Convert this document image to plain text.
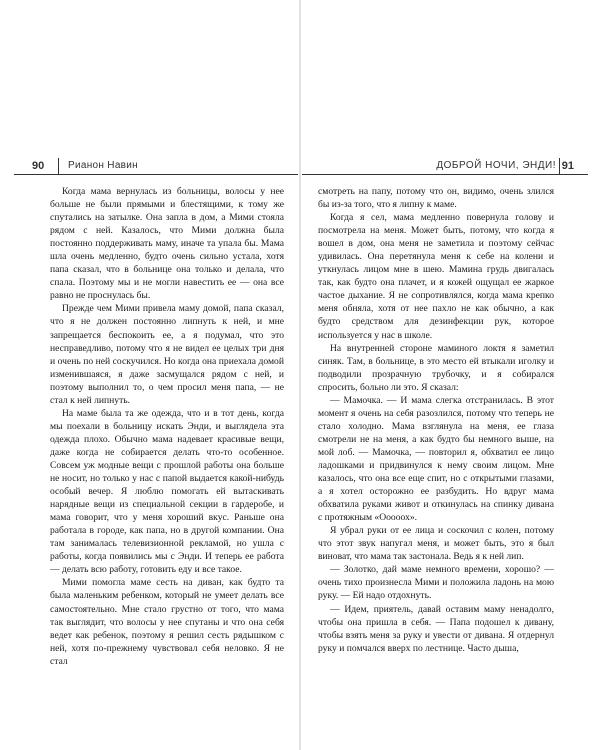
90 Рианон Навин	ДОБРОЙ НОЧИ, ЭНДИ! 91

Когда мама вернулась из больницы, волосы у нее больше не были прямыми и блестящими, к тому же спутались на затылке. Она запла в дом, а Мими стояла рядом с ней. Казалось, что Мими должна была постоянно поддерживать маму, иначе та упала бы. Мама шла очень медленно, будто очень сильно устала, хотя папа сказал, что в больнице она только и делала, что спала. Поэтому мы и не могли навестить ее — она все равно не проснулась бы.

Прежде чем Мими привела маму домой, папа сказал, что я не должен постоянно липнуть к ней, и мне запрещается беспокоить ее, а я подумал, что это несправедливо, потому что я не видел ее целых три дня и очень по ней соскучился. Но когда она приехала домой изменившаяся, я даже засмущался рядом с ней, и поэтому выполнил то, о чем просил меня папа, — не стал к ней липнуть.

На маме была та же одежда, что и в тот день, когда мы поехали в больницу искать Энди, и выглядела эта одежда плохо. Обычно мама надевает красивые вещи, даже когда не собирается делать что-то особенное. Совсем уж модные вещи с прошлой работы она больше не носит, но только у нас с папой выдается какой-нибудь особый вечер. Я люблю помогать ей вытаскивать нарядные вещи из специальной секции в гардеробе, и мама говорит, что у меня хороший вкус. Раньше она работала в городе, как папа, но в другой компании. Она там занималась телевизионной рекламой, но ушла с работы, когда появились мы с Энди. И теперь ее работа — делать всю работу, готовить еду и все такое.

Мими помогла маме сесть на диван, как будто та была маленьким ребенком, который не умеет делать все самостоятельно. Мне стало грустно от того, что мама так выглядит, что волосы у нее спутаны и что она себя ведет как ребенок, поэтому я решил сесть рядышком с ней, хотя по-прежнему чувствовал себя неловко. Я не стал

смотреть на папу, потому что он, видимо, очень злился бы из-за того, что я липну к маме.

Когда я сел, мама медленно повернула голову и посмотрела на меня. Может быть, потому, что когда я вошел в дом, она меня не заметила и поэтому сейчас удивилась. Она перетянула меня к себе на колени и уткнулась лицом мне в шею. Мамина грудь двигалась так, как будто она плачет, и я кожей ощущал ее жаркое частое дыхание. Я не сопротивлялся, когда мама крепко меня обняла, хотя от нее пахло не как обычно, а как будто средством для дезинфекции рук, которое используется у нас в школе.

На внутренней стороне маминого локтя я заметил синяк. Там, в больнице, в это место ей втыкали иголку и подводили прозрачную трубочку, и я собирался спросить, больно ли это. Я сказал:

— Мамочка. — И мама слегка отстранилась. В этот момент я очень на себя разозлился, потому что теперь не стало холодно. Мама взглянула на меня, ее глаза смотрели не на меня, а как будто бы немного выше, на мой лоб. — Мамочка, — повторил я, обхватил ее лицо ладошками и придвинулся к нему своим лицом. Мне казалось, что она все еще спит, но с открытыми глазами, а я хотел осторожно ее разбудить. Но вдруг мама обхватила руками живот и откинулась на спинку дивана с протяжным «Ооооох».

Я убрал руки от ее лица и соскочил с колен, потому что этот звук напугал меня, и может быть, это я был виноват, что мама так застонала. Ведь я к ней лип.

— Золотко, дай маме немного времени, хорошо? — очень тихо произнесла Мими и положила ладонь на мою руку. — Ей надо отдохнуть.

— Идем, приятель, давай оставим маму ненадолго, чтобы она пришла в себя. — Папа подошел к дивану, чтобы взять меня за руку и увести от дивана. Я отдернул руку и помчался вверх по лестнице. Часто дыша,
